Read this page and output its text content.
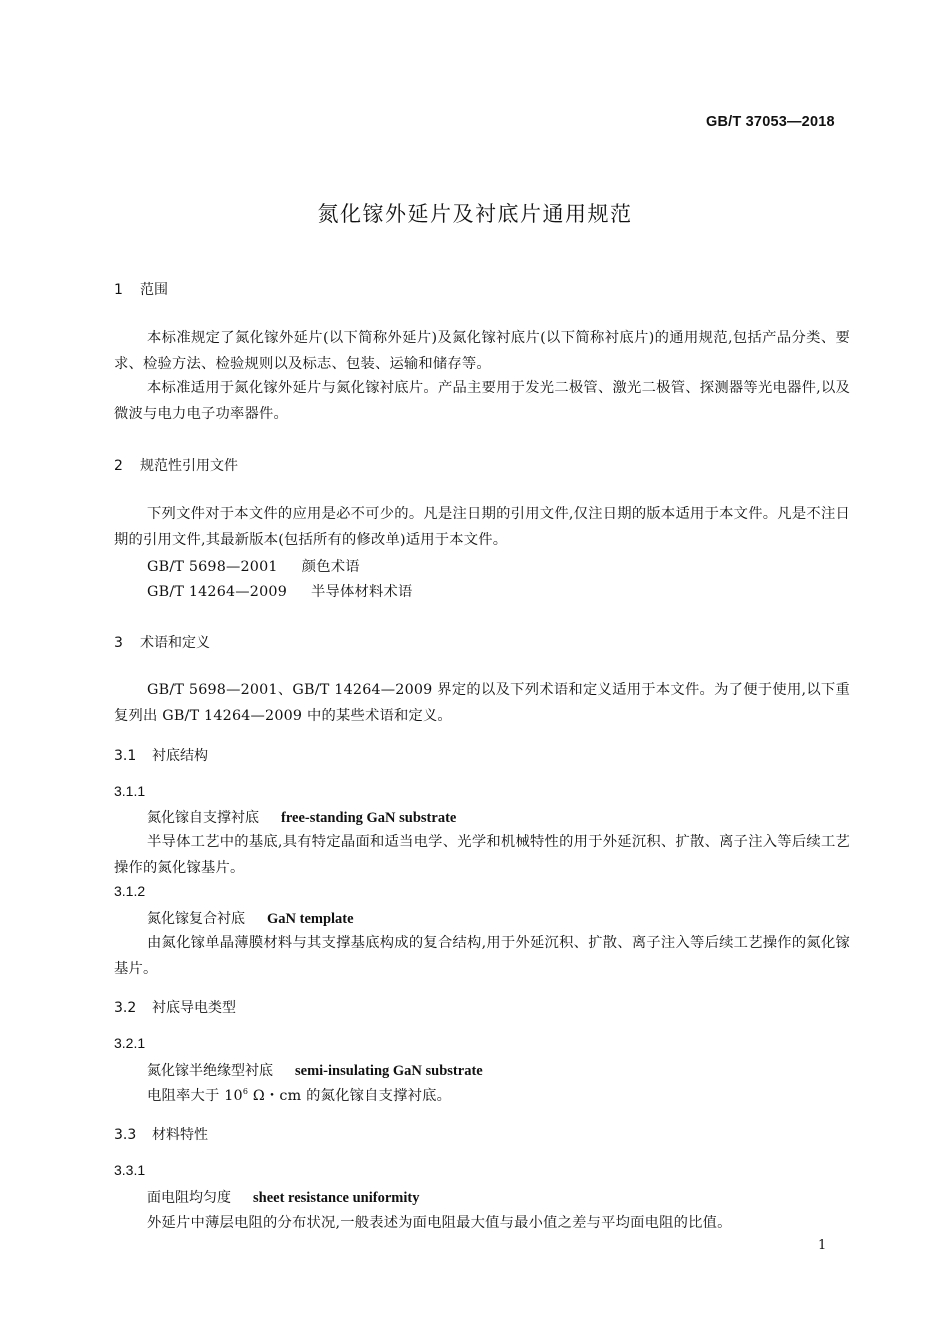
GB/T 37053—2018
氮化镓外延片及衬底片通用规范
1 范围
本标准规定了氮化镓外延片(以下简称外延片)及氮化镓衬底片(以下简称衬底片)的通用规范,包括产品分类、要求、检验方法、检验规则以及标志、包装、运输和储存等。
本标准适用于氮化镓外延片与氮化镓衬底片。产品主要用于发光二极管、激光二极管、探测器等光电器件,以及微波与电力电子功率器件。
2 规范性引用文件
下列文件对于本文件的应用是必不可少的。凡是注日期的引用文件,仅注日期的版本适用于本文件。凡是不注日期的引用文件,其最新版本(包括所有的修改单)适用于本文件。
GB/T 5698—2001 颜色术语
GB/T 14264—2009 半导体材料术语
3 术语和定义
GB/T 5698—2001、GB/T 14264—2009 界定的以及下列术语和定义适用于本文件。为了便于使用,以下重复列出 GB/T 14264—2009 中的某些术语和定义。
3.1 衬底结构
3.1.1
氮化镓自支撑衬底 free-standing GaN substrate
半导体工艺中的基底,具有特定晶面和适当电学、光学和机械特性的用于外延沉积、扩散、离子注入等后续工艺操作的氮化镓基片。
3.1.2
氮化镓复合衬底 GaN template
由氮化镓单晶薄膜材料与其支撑基底构成的复合结构,用于外延沉积、扩散、离子注入等后续工艺操作的氮化镓基片。
3.2 衬底导电类型
3.2.1
氮化镓半绝缘型衬底 semi-insulating GaN substrate
电阻率大于 $10^6$ Ω・cm 的氮化镓自支撑衬底。
3.3 材料特性
3.3.1
面电阻均匀度 sheet resistance uniformity
外延片中薄层电阻的分布状况,一般表述为面电阻最大值与最小值之差与平均面电阻的比值。
1
